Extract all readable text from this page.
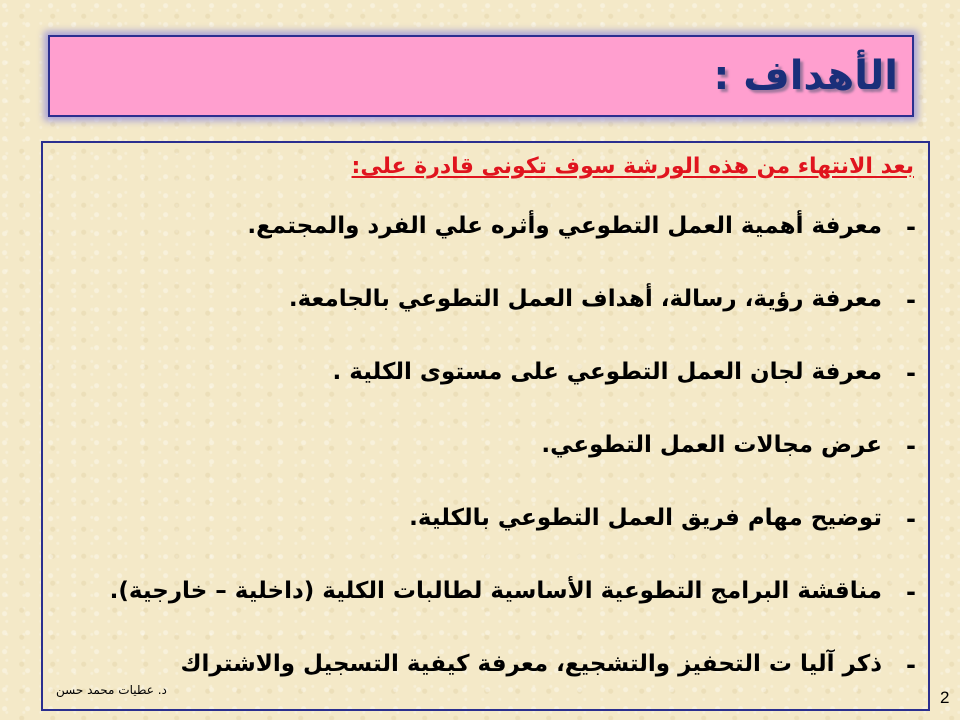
الأهداف :
بعد الانتهاء من هذه الورشة سوف تكونى قادرة على:
-
معرفة أهمية العمل التطوعي وأثره علي الفرد والمجتمع.
-
معرفة رؤية، رسالة، أهداف العمل التطوعي بالجامعة.
-
معرفة لجان العمل التطوعي على مستوى الكلية .
-
عرض مجالات العمل التطوعي.
-
توضيح مهام فريق العمل التطوعي بالكلية.
-
مناقشة البرامج التطوعية الأساسية لطالبات الكلية (داخلية – خارجية).
-
ذكر آليا ت التحفيز والتشجيع، معرفة كيفية التسجيل والاشتراك
د. عطيات محمد حسن	2
